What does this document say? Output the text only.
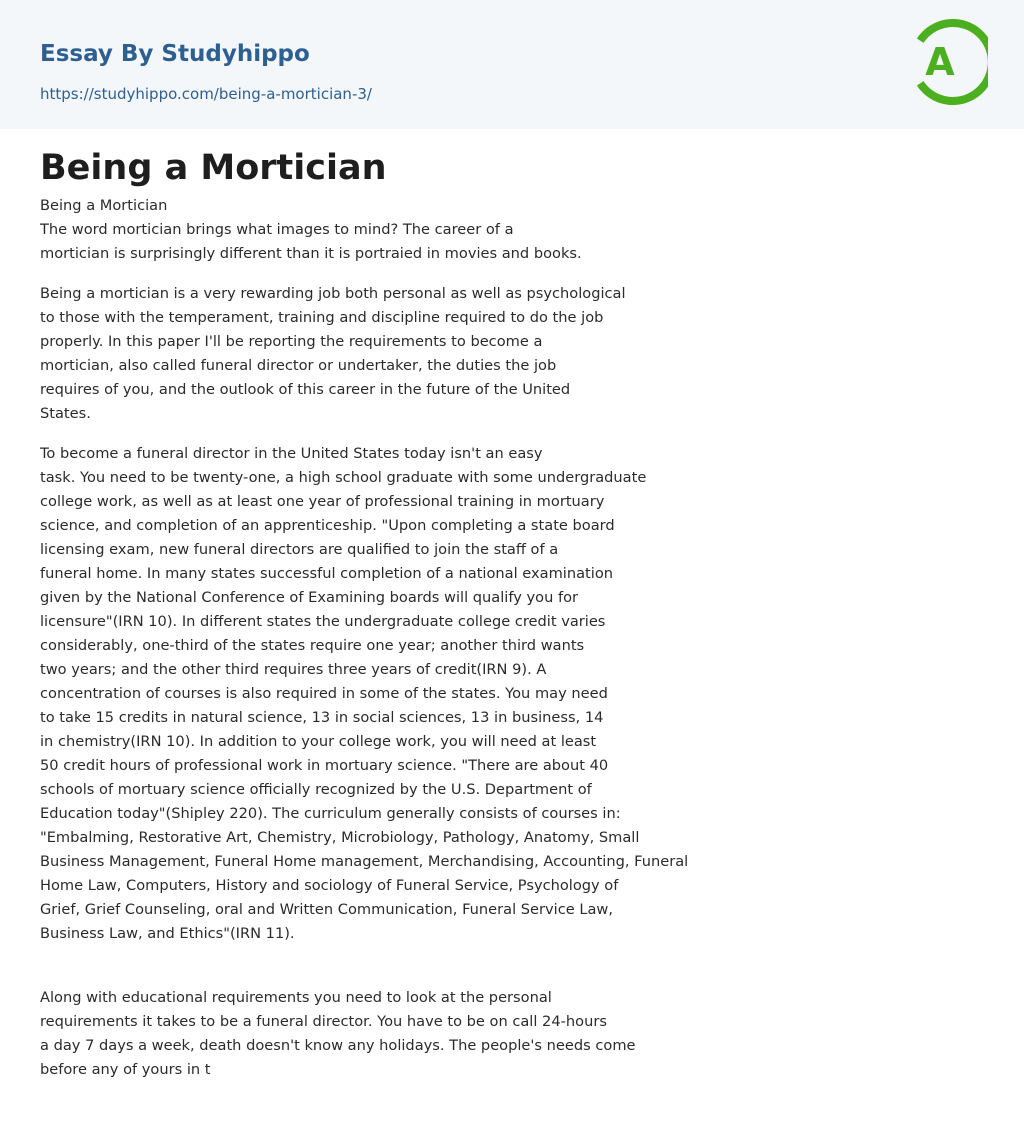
Essay By Studyhippo
https://studyhippo.com/being-a-mortician-3/
A
Being a Mortician

Being a Mortician
The word mortician brings what images to mind? The career of a
mortician is surprisingly different than it is portraied in movies and books.

Being a mortician is a very rewarding job both personal as well as psychological
to those with the temperament, training and discipline required to do the job
properly. In this paper I'll be reporting the requirements to become a
mortician, also called funeral director or undertaker, the duties the job
requires of you, and the outlook of this career in the future of the United
States.

To become a funeral director in the United States today isn't an easy
task. You need to be twenty-one, a high school graduate with some undergraduate
college work, as well as at least one year of professional training in mortuary
science, and completion of an apprenticeship. "Upon completing a state board
licensing exam, new funeral directors are qualified to join the staff of a
funeral home. In many states successful completion of a national examination
given by the National Conference of Examining boards will qualify you for
licensure"(IRN 10). In different states the undergraduate college credit varies
considerably, one-third of the states require one year; another third wants
two years; and the other third requires three years of credit(IRN 9). A
concentration of courses is also required in some of the states. You may need
to take 15 credits in natural science, 13 in social sciences, 13 in business, 14
in chemistry(IRN 10). In addition to your college work, you will need at least
50 credit hours of professional work in mortuary science. "There are about 40
schools of mortuary science officially recognized by the U.S. Department of
Education today"(Shipley 220). The curriculum generally consists of courses in:
"Embalming, Restorative Art, Chemistry, Microbiology, Pathology, Anatomy, Small
Business Management, Funeral Home management, Merchandising, Accounting, Funeral
Home Law, Computers, History and sociology of Funeral Service, Psychology of
Grief, Grief Counseling, oral and Written Communication, Funeral Service Law,
Business Law, and Ethics"(IRN 11).

Along with educational requirements you need to look at the personal
requirements it takes to be a funeral director. You have to be on call 24-hours
a day 7 days a week, death doesn't know any holidays. The people's needs come
before any of yours in t
